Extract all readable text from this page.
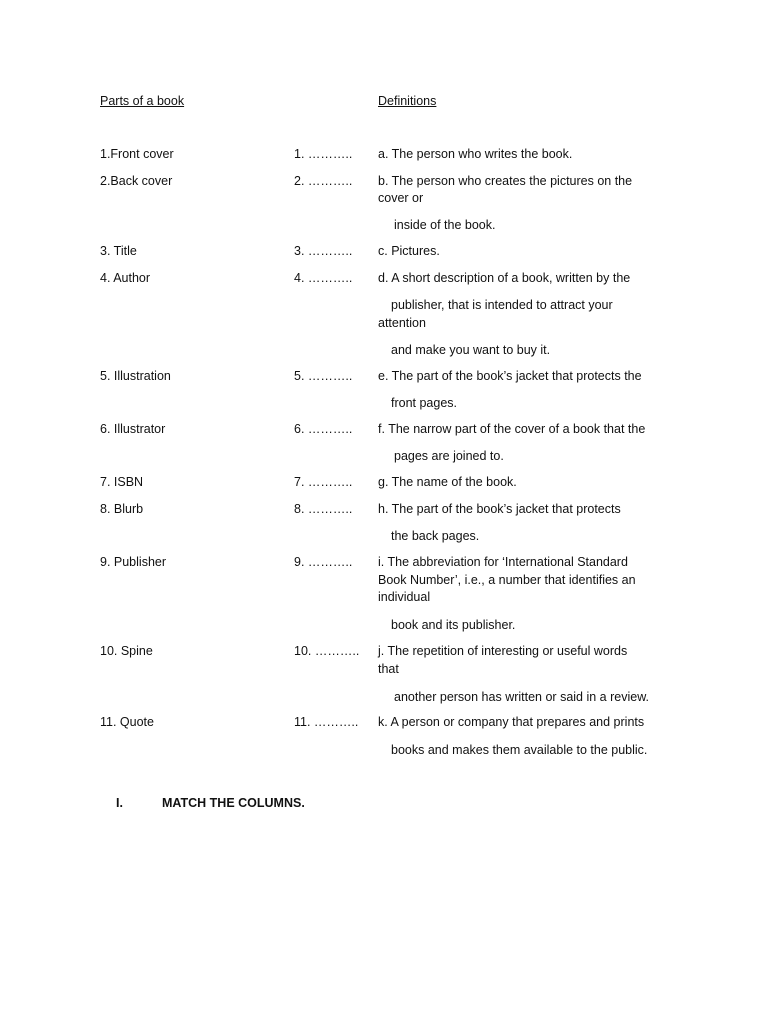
Parts of a book	Definitions
1.Front cover	1. ……….. a. The person who writes the book.
2.Back cover	2. ……….. b. The person who creates the pictures on the
cover or
inside of the book.
3. Title	3. ……….. c. Pictures.
4. Author	4. ……….. d. A short description of a book, written by the
publisher, that is intended to attract your
attention
and make you want to buy it.
5. Illustration	5. ……….. e. The part of the book’s jacket that protects the
front pages.
6. Illustrator	6. ……….. f. The narrow part of the cover of a book that the
pages are joined to.
7. ISBN	7. ……….. g. The name of the book.
8. Blurb	8. ……….. h. The part of the book’s jacket that protects
the back pages.
9. Publisher	9. ……….. i. The abbreviation for ‘International Standard
Book Number’, i.e., a number that identifies an
individual
book and its publisher.
10. Spine	10. ……….. j. The repetition of interesting or useful words
that
another person has written or said in a review.
11. Quote	11. ……….. k. A person or company that prepares and prints
books and makes them available to the public.
I.	MATCH THE COLUMNS.
